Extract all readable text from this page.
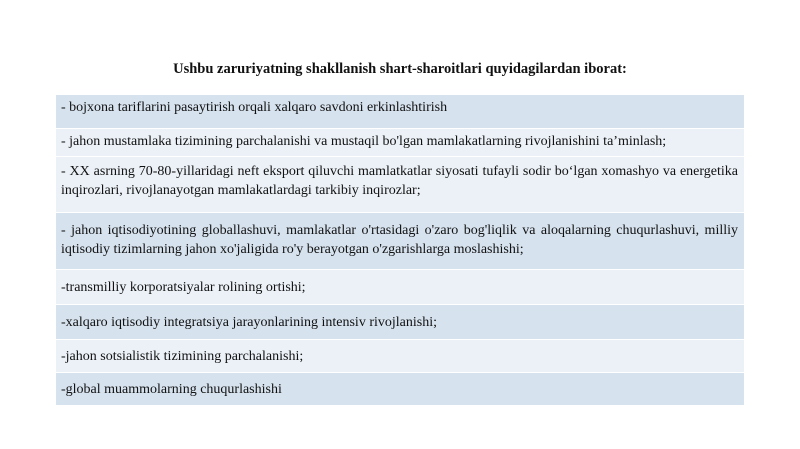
Ushbu zaruriyatning shakllanish shart-sharoitlari quyidagilardan iborat:
- bojxona tariflarini pasaytirish orqali xalqaro savdoni erkinlashtirish
- jahon mustamlaka tizimining parchalanishi va mustaqil bo'lgan mamlakatlarning rivojlanishini ta’minlash;
- XX asrning 70-80-yillaridagi neft eksport qiluvchi mamlatkatlar siyosati tufayli sodir bo‘lgan xomashyo va energetika inqirozlari, rivojlanayotgan mamlakatlardagi tarkibiy inqirozlar;
- jahon iqtisodiyotining globallashuvi, mamlakatlar o'rtasidagi o'zaro bog'liqlik va aloqalarning chuqurlashuvi, milliy iqtisodiy tizimlarning jahon xo'jaligida ro'y berayotgan o'zgarishlarga moslashishi;
-transmilliy korporatsiyalar rolining ortishi;
-xalqaro iqtisodiy integratsiya jarayonlarining intensiv rivojlanishi;
-jahon sotsialistik tizimining parchalanishi;
-global muammolarning chuqurlashishi
